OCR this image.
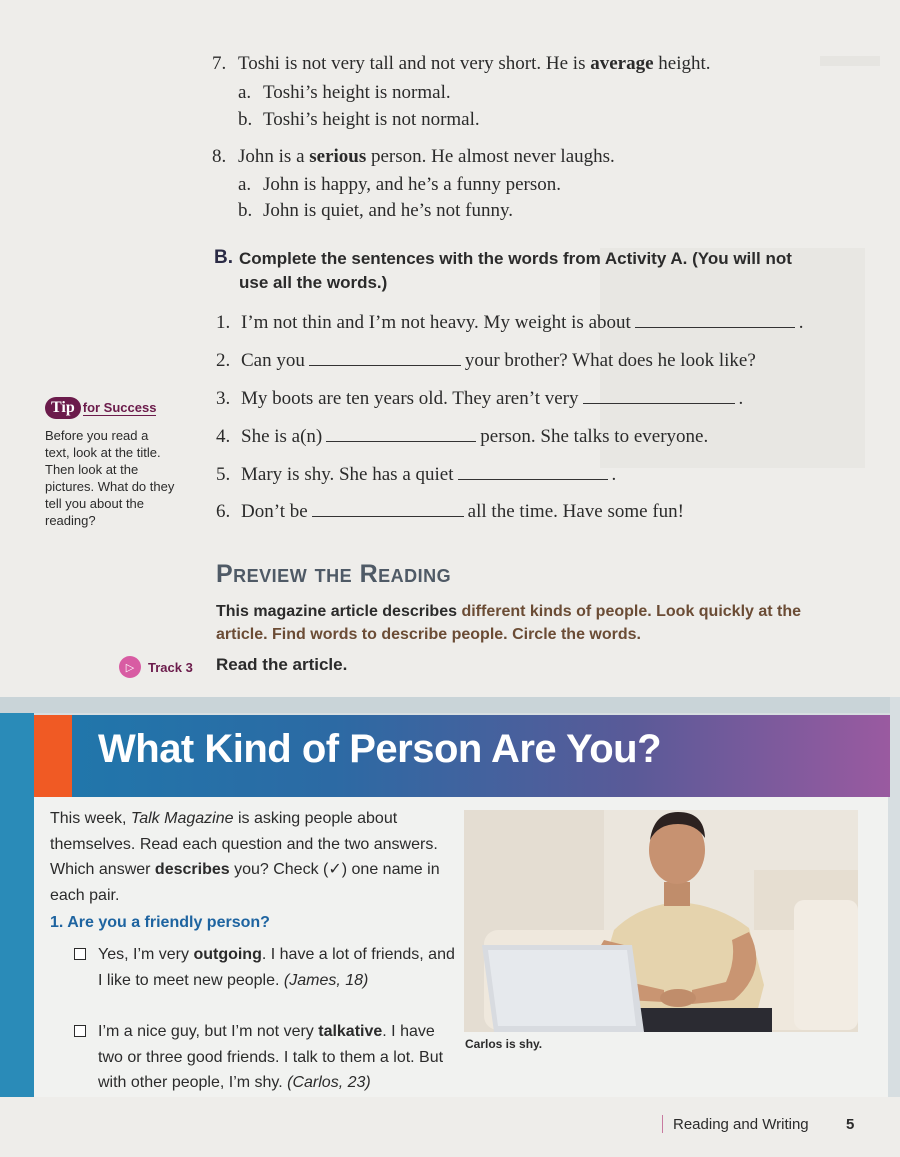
7. Toshi is not very tall and not very short. He is average height.
a. Toshi’s height is normal.
b. Toshi’s height is not normal.
8. John is a serious person. He almost never laughs.
a. John is happy, and he’s a funny person.
b. John is quiet, and he’s not funny.
B. Complete the sentences with the words from Activity A. (You will not use all the words.)
1. I’m not thin and I’m not heavy. My weight is about	.
2. Can you	your brother? What does he look like?
3. My boots are ten years old. They aren’t very	.
4. She is a(n)	person. She talks to everyone.
5. Mary is shy. She has a quiet	.
6. Don’t be	all the time. Have some fun!
Tip for Success
Before you read a text, look at the title. Then look at the pictures. What do they tell you about the reading?
Preview the Reading
This magazine article describes different kinds of people. Look quickly at the article. Find words to describe people. Circle the words.
▷	Track 3 Read the article.
What Kind of Person Are You?
This week, Talk Magazine is asking people about themselves. Read each question and the two answers. Which answer describes you? Check (✓) one name in each pair.
1. Are you a friendly person?
Yes, I’m very outgoing. I have a lot of friends, and I like to meet new people. (James, 18)
I’m a nice guy, but I’m not very talkative. I have two or three good friends. I talk to them a lot. But with other people, I’m shy. (Carlos, 23)
Carlos is shy.
Reading and Writing 5
